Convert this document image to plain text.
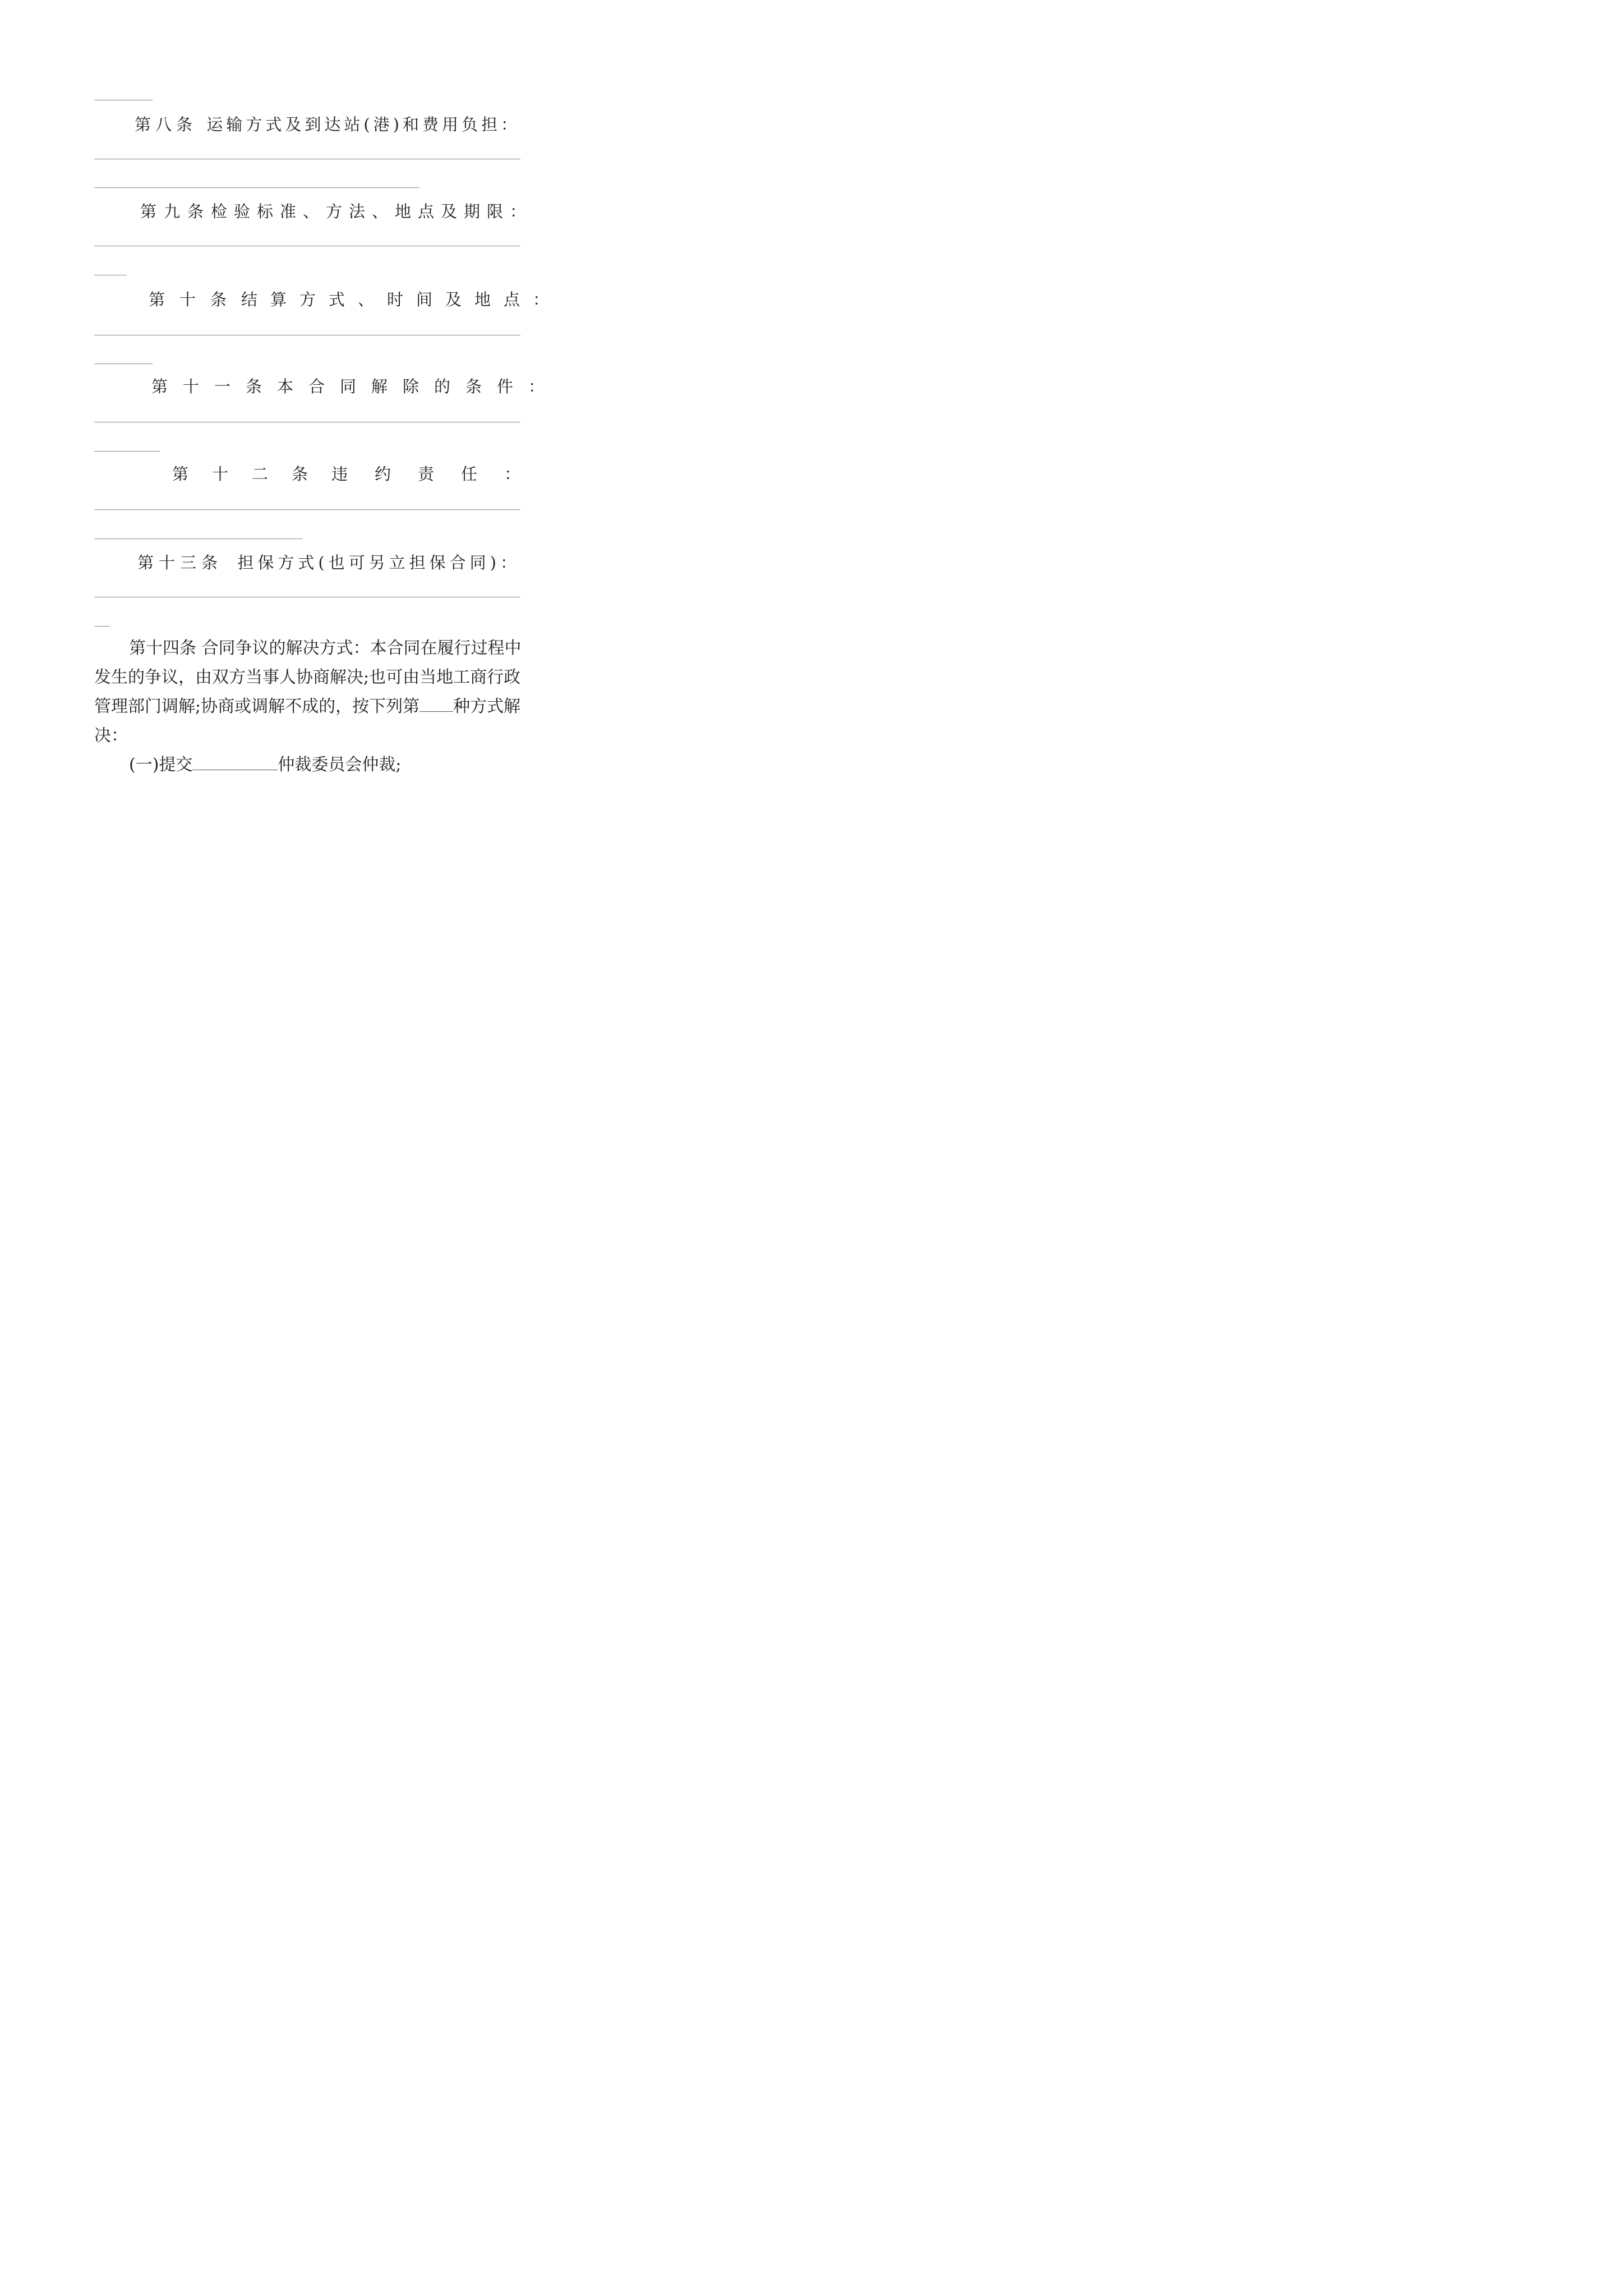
第八条 运输方式及到达站(港)和费用负担：
第九条 检验标准、方法、地点及期限：
第十条 结算方式、时间及地点：
第十一条 本合同解除的条件：
第十二条 违约责任：
第十三条 担保方式(也可另立担保合同)：
第十四条 合同争议的解决方式：本合同在履行过程中
发生的争议，由双方当事人协商解决;也可由当地工商行政
管理部门调解;协商或调解不成的，按下列第 种方式解
决：
(一)提交	仲裁委员会仲裁;
